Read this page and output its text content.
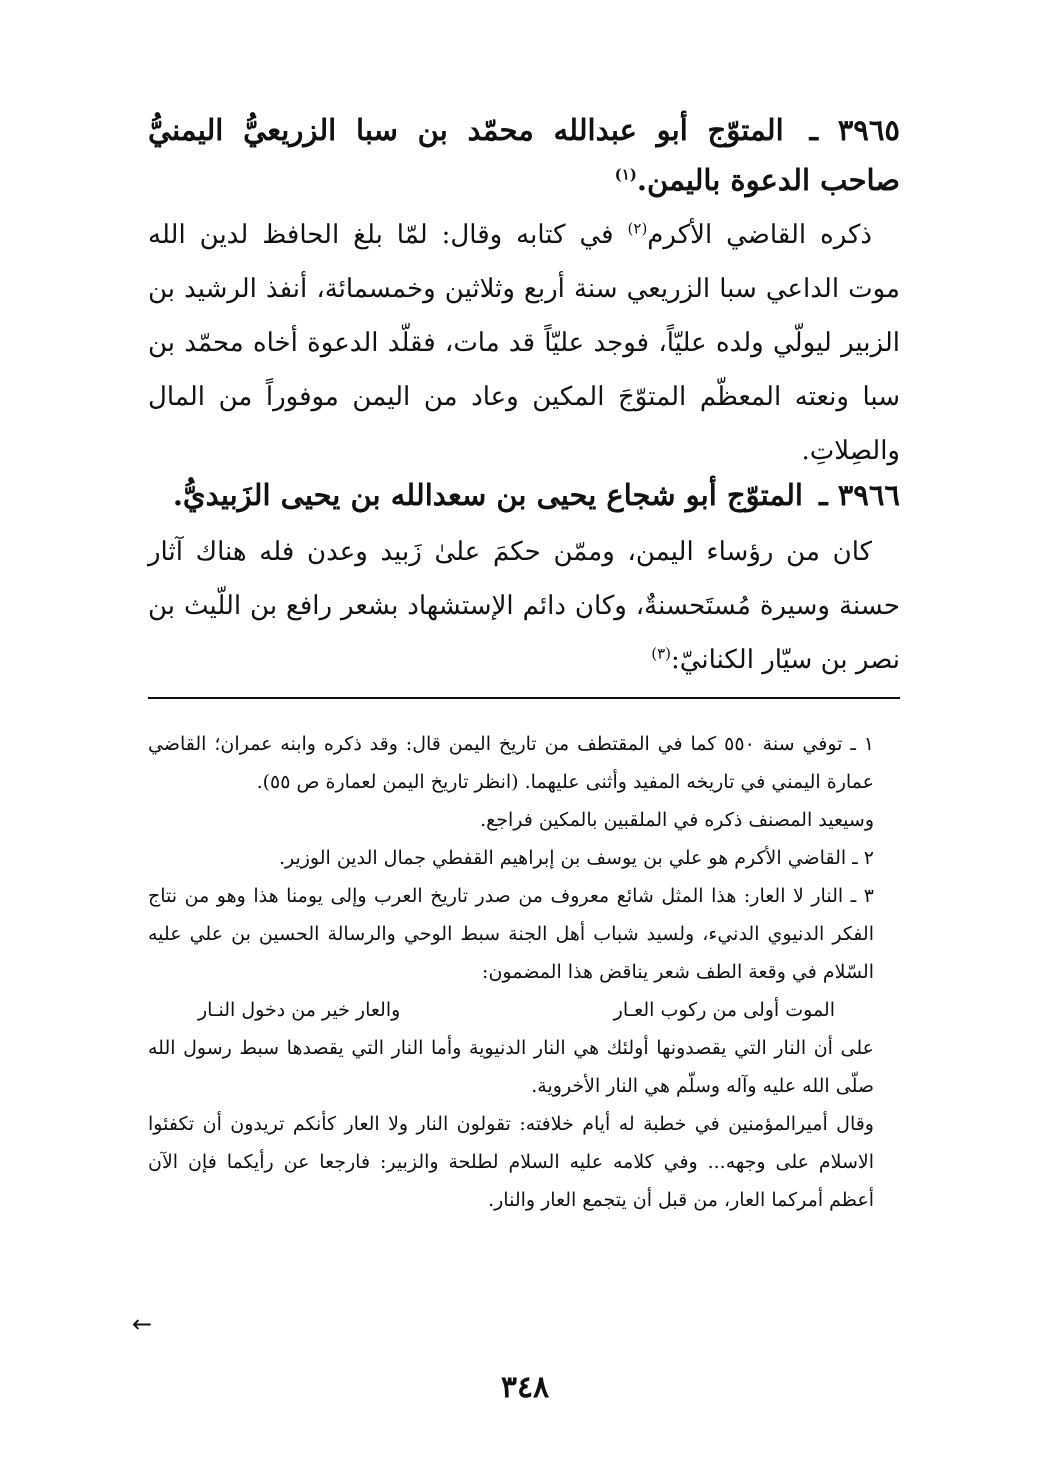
٣٩٦٥ ـ المتوّج أبو عبدالله محمّد بن سبا الزريعيُّ اليمنيُّ صاحب الدعوة باليمن.$^{(١)}$
ذكره القاضي الأكرم$^{(٢)}$ في كتابه وقال: لمّا بلغ الحافظ لدين الله موت الداعي سبا الزريعي سنة أربع وثلاثين وخمسمائة، أنفذ الرشيد بن الزبير ليولّي ولده عليّاً، فوجد عليّاً قد مات، فقلّد الدعوة أخاه محمّد بن سبا ونعته المعظّم المتوّجَ المكين وعاد من اليمن موفوراً من المال والصِلاتِ.
٣٩٦٦ ـ المتوّج أبو شجاع يحيى بن سعدالله بن يحيى الزَبيديُّ.
كان من رؤساء اليمن، وممّن حكمَ علىٰ زَبيد وعدن فله هناك آثار حسنة وسيرة مُستَحسنةٌ، وكان دائم الإستشهاد بشعر رافع بن اللّيث بن نصر بن سيّار الكنانيّ:$^{(٣)}$

١ ـ توفي سنة ٥٥٠ كما في المقتطف من تاريخ اليمن قال: وقد ذكره وابنه عمران؛ القاضي عمارة اليمني في تاريخه المفيد وأثنى عليهما. (انظر تاريخ اليمن لعمارة ص ٥٥).

وسيعيد المصنف ذكره في الملقبين بالمكين فراجع.

٢ ـ القاضي الأكرم هو علي بن يوسف بن إبراهيم القفطي جمال الدين الوزير.

٣ ـ النار لا العار: هذا المثل شائع معروف من صدر تاريخ العرب وإلى يومنا هذا وهو من نتاج الفكر الدنيوي الدنيء، ولسيد شباب أهل الجنة سبط الوحي والرسالة الحسين بن علي عليه السّلام في وقعة الطف شعر يناقض هذا المضمون:

الموت أولى من ركوب العـار
والعار خير من دخول النـار

على أن النار التي يقصدونها أولئك هي النار الدنيوية وأما النار التي يقصدها سبط رسول الله صلّى الله عليه وآله وسلّم هي النار الأخروية.

وقال أميرالمؤمنين في خطبة له أيام خلافته: تقولون النار ولا العار كأنكم تريدون أن تكفئوا الاسلام على وجهه... وفي كلامه عليه السلام لطلحة والزبير: فارجعا عن رأيكما فإن الآن أعظم أمركما العار، من قبل أن يتجمع العار والنار.

←
٣٤٨
